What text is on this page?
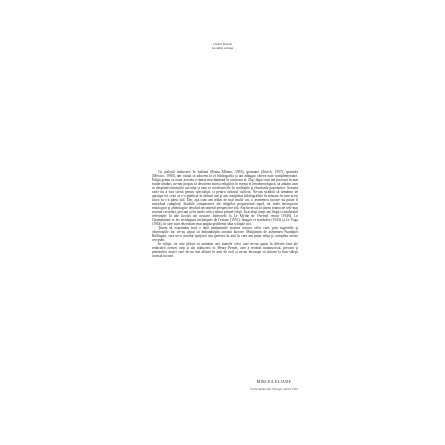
Cuvînt înainte
la ediția a doua

Cu prilejul traducerii în italiană (Roma–Milano, 1953), germană (Zürich, 1957), spaniolă (Mexico, 1960), am căutat să aducem la zi bibliografia şi am adăugat câteva note complementare. Ediţia prima cu toate acestea a rămas neschimbată în structura ei. Dar, după cum am precizat în mai multe rânduri, ne-am propus să descriem istoria religiilor în esenţa ei fenomenologică, să arătăm cum se desprind structurile sacrului şi cum se revelează ele în credinţele şi ritualurile popoarelor. Această carte nu a fost scrisă pentru specialişti, ci pentru cititorul cultivat. Ne-am străduit să urmărim de aproape tot ceea ce s-a publicat în ultimii ani şi am completat bibliografiile în măsura în care acest lucru ni s-a părut util. Dar, aşa cum am arătat de mai multe ori, o asemenea lucrare nu poate fi niciodată completă. Studiile comparative ale religiilor progresează rapid, iar noile descoperiri etnologice şi arheologice deschid necontenit perspective noi. Am încercat să ţinem seama de cele mai recente cercetări, precum şi de unele critici aduse primei ediţii. În acelaşi timp, am lărgit considerabil referinţele la alte lucrări ale noastre, îndeosebi la Le Mythe de l'éternel retour (1949), Le Chamanisme et les techniques archaïques de l'extase (1951), Images et symboles (1952) şi Le Yoga (1954), în care sunt dezvoltate mai amplu probleme abia schiţate aici.

Ţinem să exprimăm încă o dată mulţumirile noastre tuturor celor care, prin sugestiile şi observaţiile lor, ne-au ajutat să îmbunătăţim această lucrare. Mulţumim de asemenea Fundaţiei Bollingen, care ne-a acordat sprijinul său generos în anii în care am putut relua şi completa aceste cercetări.

În sfârşit, ne este plăcut să amintim aici numele celor care ne-au ajutat în diferite faze ale redactării acestei cărţi şi ale traducerii ei: Henry Pernet, care a revăzut manuscrisul, precum şi prietenilor noştri care ne-au stat alături în anii de exil şi ne-au încurajat să ducem la bun sfârşit această lucrare.

MIRCEA ELIADE
Universitatea din Chicago, martie 1967
